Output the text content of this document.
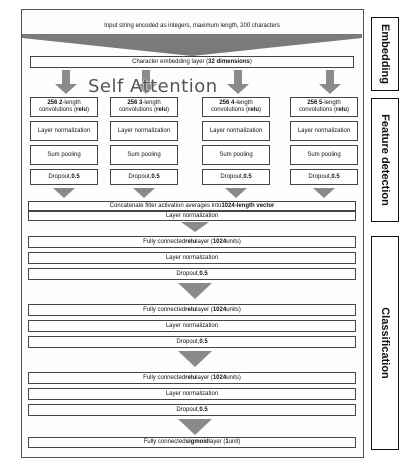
Input string encoded as integers, maximum length, 200 characters
Character embedding layer ( 32 dimensions )
Self Attention
256 2-length
convolutions (relu)
Layer normalization
Sum pooling
Dropout, 0.5
256 3-length
convolutions (relu)
Layer normalization
Sum pooling
Dropout, 0.5
256 4-length
convolutions (relu)
Layer normalization
Sum pooling
Dropout, 0.5
256 5-length
convolutions (relu)
Layer normalization
Sum pooling
Dropout, 0.5
Concatenate filter activation averages into 1024-length vector
Layer normalization
Fully connected relu layer ( 1024 units)
Layer normalization
Dropout, 0.5
Fully connected relu layer ( 1024 units)
Layer normalization
Dropout, 0.5
Fully connected relu layer ( 1024 units)
Layer normalization
Dropout, 0.5
Fully connected sigmoid layer ( 1 unit)
Embedding
Feature detection
Classification
